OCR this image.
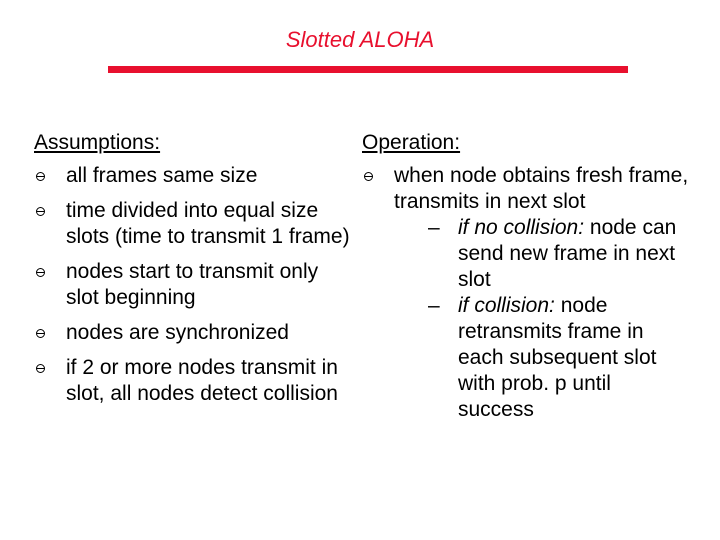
Slotted ALOHA
Assumptions:
all frames same size
time divided into equal size slots (time to transmit 1 frame)
nodes start to transmit only slot beginning
nodes are synchronized
if 2 or more nodes transmit in slot, all nodes detect collision
Operation:
when node obtains fresh frame, transmits in next slot
– if no collision: node can send new frame in next slot
– if collision: node retransmits frame in each subsequent slot with prob. p until success
